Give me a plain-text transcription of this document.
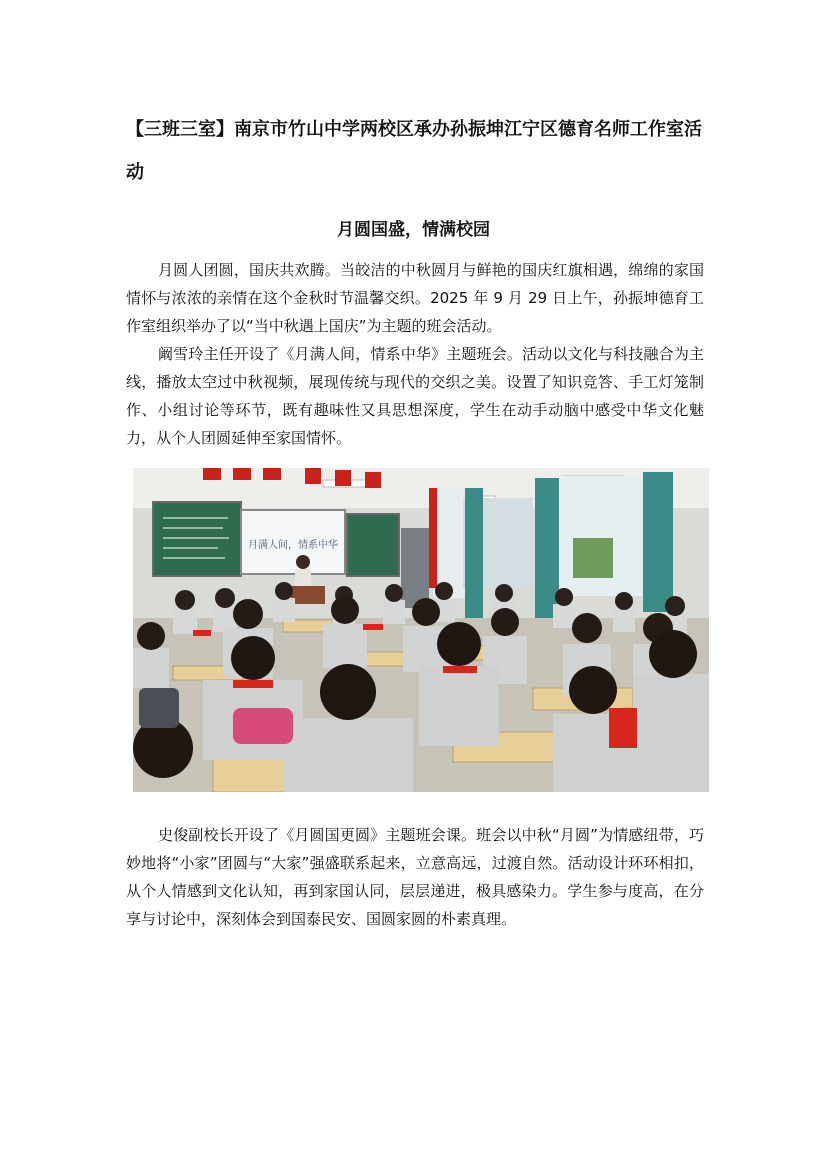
【三班三室】南京市竹山中学两校区承办孙振坤江宁区德育名师工作室活动
月圆国盛，情满校园

月圆人团圆，国庆共欢腾。当皎洁的中秋圆月与鲜艳的国庆红旗相遇，绵绵的家国情怀与浓浓的亲情在这个金秋时节温馨交织。2025 年 9 月 29 日上午，孙振坤德育工作室组织举办了以“当中秋遇上国庆”为主题的班会活动。

阚雪玲主任开设了《月满人间，情系中华》主题班会。活动以文化与科技融合为主线，播放太空过中秋视频，展现传统与现代的交织之美。设置了知识竞答、手工灯笼制作、小组讨论等环节，既有趣味性又具思想深度，学生在动手动脑中感受中华文化魅力，从个人团圆延伸至家国情怀。

月满人间，情系中华

史俊副校长开设了《月圆国更圆》主题班会课。班会以中秋“月圆”为情感纽带，巧妙地将“小家”团圆与“大家”强盛联系起来，立意高远，过渡自然。活动设计环环相扣，从个人情感到文化认知，再到家国认同，层层递进，极具感染力。学生参与度高，在分享与讨论中，深刻体会到国泰民安、国圆家圆的朴素真理。
